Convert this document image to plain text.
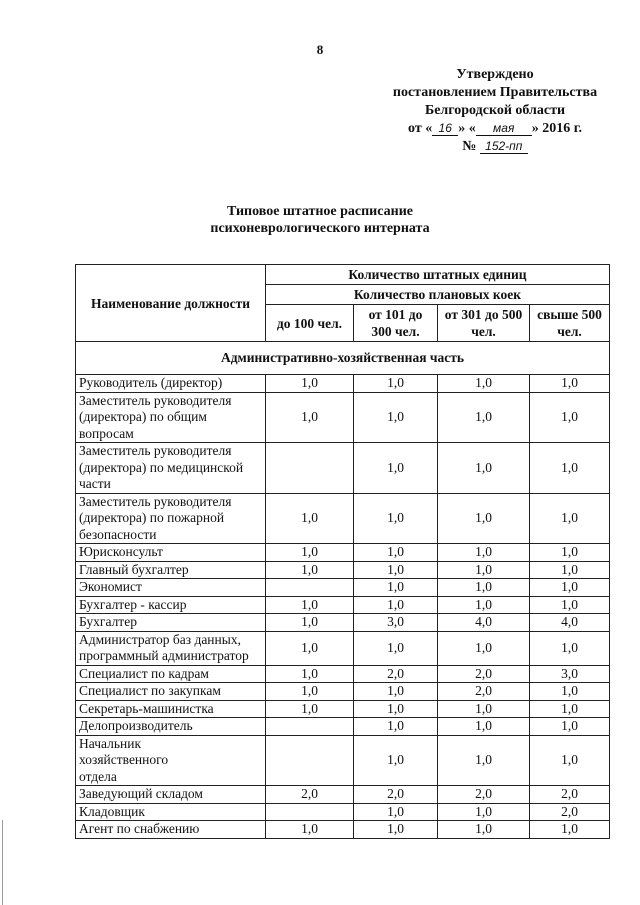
8
Утверждено
постановлением Правительства
Белгородской области
от « 16 » « мая » 2016 г.
№ 152-пп
Типовое штатное расписание
психоневрологического интерната
Наименование должности	Количество штатных единиц			
	Количество плановых коек			
	до 100 чел.	от 101 до 300 чел.	от 301 до 500 чел.	свыше 500 чел.
Административно-хозяйственная часть				
Руководитель (директор)	1,0	1,0	1,0	1,0
Заместитель руководителя (директора) по общим вопросам	1,0	1,0	1,0	1,0
Заместитель руководителя (директора) по медицинской части		1,0	1,0	1,0
Заместитель руководителя (директора) по пожарной безопасности	1,0	1,0	1,0	1,0
Юрисконсульт	1,0	1,0	1,0	1,0
Главный бухгалтер	1,0	1,0	1,0	1,0
Экономист		1,0	1,0	1,0
Бухгалтер - кассир	1,0	1,0	1,0	1,0
Бухгалтер	1,0	3,0	4,0	4,0
Администратор баз данных, программный администратор	1,0	1,0	1,0	1,0
Специалист по кадрам	1,0	2,0	2,0	3,0
Специалист по закупкам	1,0	1,0	2,0	1,0
Секретарь-машинистка	1,0	1,0	1,0	1,0
Делопроизводитель		1,0	1,0	1,0

Начальник хозяйственного отдела		1,0	1,0	1,0
Заведующий складом	2,0	2,0	2,0	2,0
Кладовщик		1,0	1,0	2,0
Агент по снабжению	1,0	1,0	1,0	1,0
